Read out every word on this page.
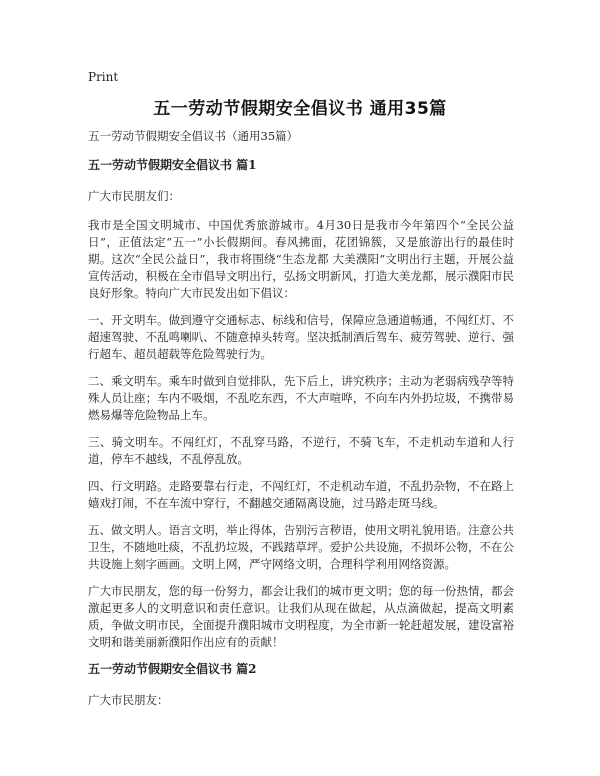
Print
五一劳动节假期安全倡议书 通用35篇

五一劳动节假期安全倡议书（通用35篇）

五一劳动节假期安全倡议书 篇1

广大市民朋友们：

我市是全国文明城市、中国优秀旅游城市。4月30日是我市今年第四个“全民公益日”，正值法定“五一”小长假期间。春风拂面，花团锦簇，又是旅游出行的最佳时期。这次“全民公益日”，我市将围绕“生态龙都 大美濮阳”文明出行主题，开展公益宣传活动，积极在全市倡导文明出行，弘扬文明新风，打造大美龙都，展示濮阳市民良好形象。特向广大市民发出如下倡议：

一、开文明车。做到遵守交通标志、标线和信号，保障应急通道畅通，不闯红灯、不超速驾驶、不乱鸣喇叭、不随意掉头转弯。坚决抵制酒后驾车、疲劳驾驶、逆行、强行超车、超员超载等危险驾驶行为。

二、乘文明车。乘车时做到自觉排队，先下后上，讲究秩序；主动为老弱病残孕等特殊人员让座；车内不吸烟，不乱吃东西，不大声喧哗，不向车内外扔垃圾，不携带易燃易爆等危险物品上车。

三、骑文明车。不闯红灯，不乱穿马路，不逆行，不骑飞车，不走机动车道和人行道，停车不越线，不乱停乱放。

四、行文明路。走路要靠右行走，不闯红灯，不走机动车道，不乱扔杂物，不在路上嬉戏打闹，不在车流中穿行，不翻越交通隔离设施，过马路走斑马线。

五、做文明人。语言文明，举止得体，告别污言秽语，使用文明礼貌用语。注意公共卫生，不随地吐痰，不乱扔垃圾，不践踏草坪。爱护公共设施，不损坏公物，不在公共设施上刻字画画。文明上网，严守网络文明，合理科学利用网络资源。

广大市民朋友，您的每一份努力，都会让我们的城市更文明；您的每一份热情，都会激起更多人的文明意识和责任意识。让我们从现在做起，从点滴做起，提高文明素质，争做文明市民，全面提升濮阳城市文明程度，为全市新一轮赶超发展，建设富裕文明和谐美丽新濮阳作出应有的贡献！

五一劳动节假期安全倡议书 篇2

广大市民朋友：
